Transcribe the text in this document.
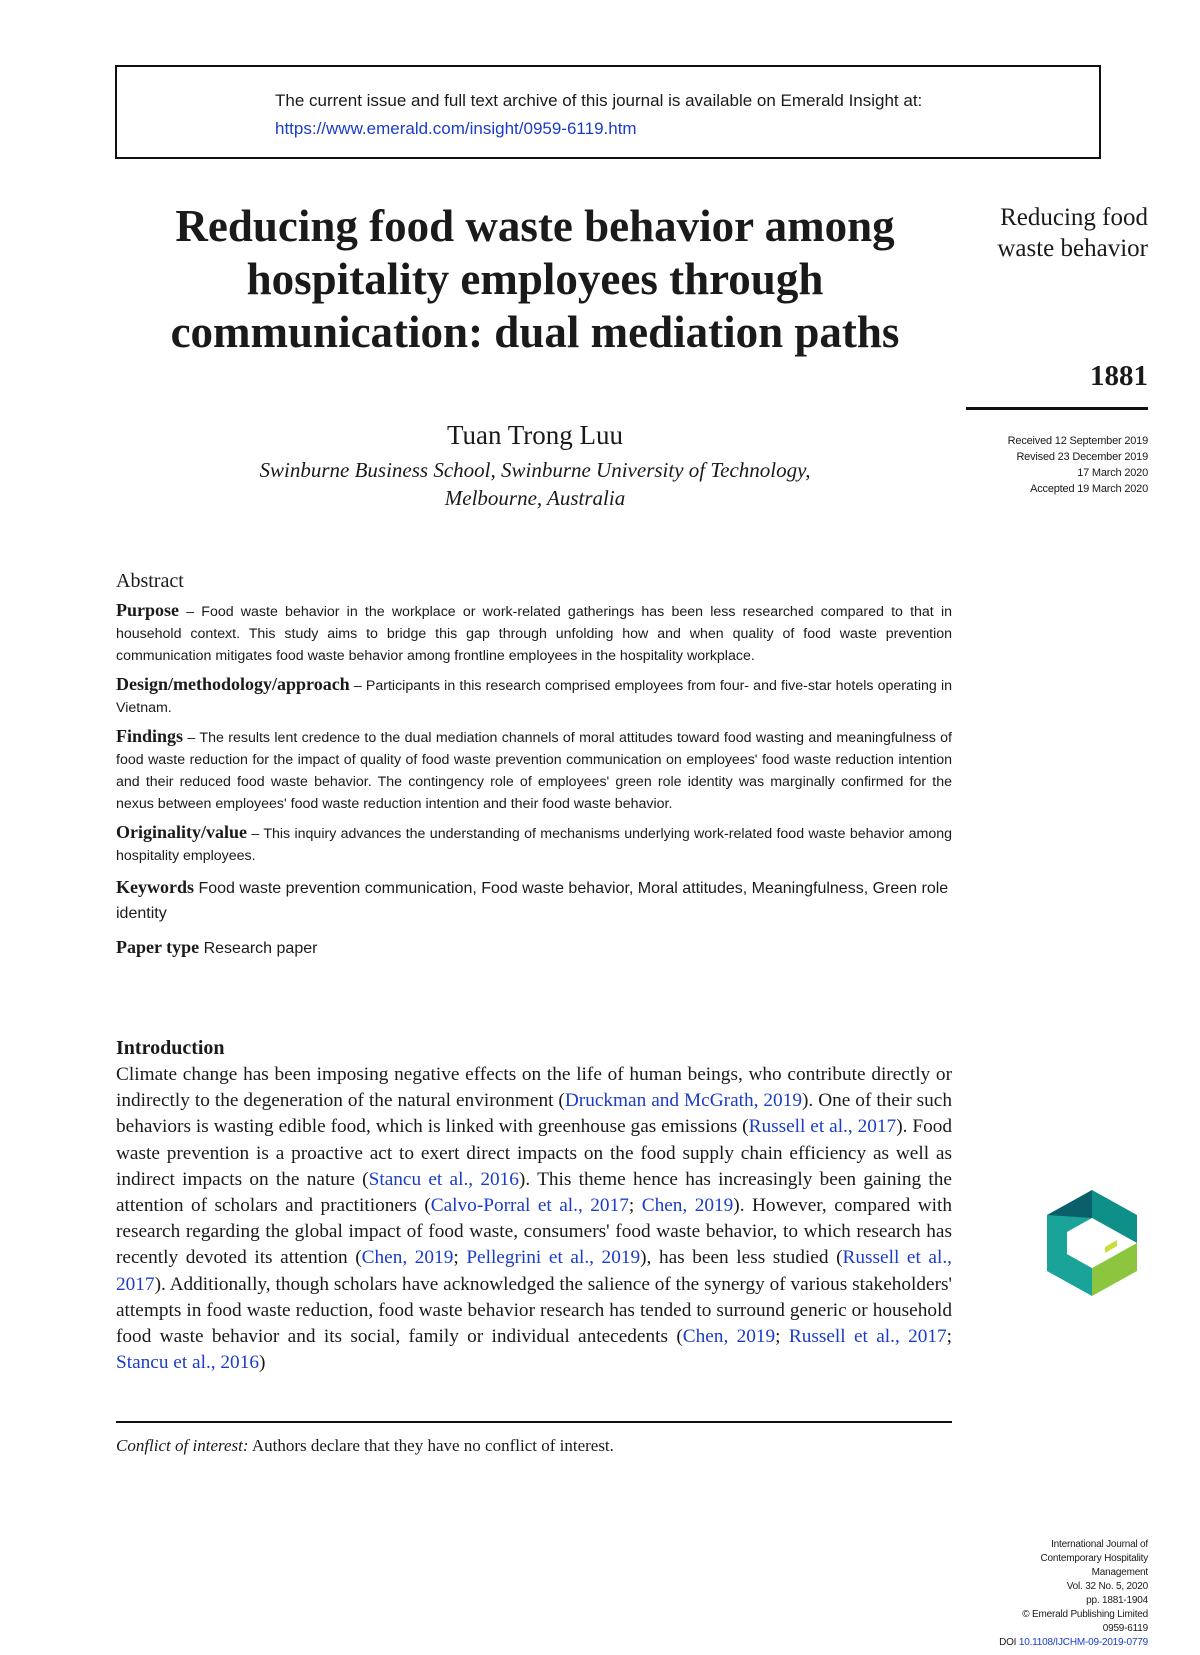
The current issue and full text archive of this journal is available on Emerald Insight at:
https://www.emerald.com/insight/0959-6119.htm
Reducing food waste behavior among hospitality employees through communication: dual mediation paths
Tuan Trong Luu
Swinburne Business School, Swinburne University of Technology,
Melbourne, Australia
Reducing food
waste behavior
1881
Received 12 September 2019
Revised 23 December 2019
17 March 2020
Accepted 19 March 2020
Abstract

Purpose – Food waste behavior in the workplace or work-related gatherings has been less researched compared to that in household context. This study aims to bridge this gap through unfolding how and when quality of food waste prevention communication mitigates food waste behavior among frontline employees in the hospitality workplace.

Design/methodology/approach – Participants in this research comprised employees from four- and five-star hotels operating in Vietnam.

Findings – The results lent credence to the dual mediation channels of moral attitudes toward food wasting and meaningfulness of food waste reduction for the impact of quality of food waste prevention communication on employees' food waste reduction intention and their reduced food waste behavior. The contingency role of employees' green role identity was marginally confirmed for the nexus between employees' food waste reduction intention and their food waste behavior.

Originality/value – This inquiry advances the understanding of mechanisms underlying work-related food waste behavior among hospitality employees.

Keywords Food waste prevention communication, Food waste behavior, Moral attitudes, Meaningfulness, Green role identity

Paper type Research paper

Introduction

Climate change has been imposing negative effects on the life of human beings, who contribute directly or indirectly to the degeneration of the natural environment (Druckman and McGrath, 2019). One of their such behaviors is wasting edible food, which is linked with greenhouse gas emissions (Russell et al., 2017). Food waste prevention is a proactive act to exert direct impacts on the food supply chain efficiency as well as indirect impacts on the nature (Stancu et al., 2016). This theme hence has increasingly been gaining the attention of scholars and practitioners (Calvo-Porral et al., 2017; Chen, 2019). However, compared with research regarding the global impact of food waste, consumers' food waste behavior, to which research has recently devoted its attention (Chen, 2019; Pellegrini et al., 2019), has been less studied (Russell et al., 2017). Additionally, though scholars have acknowledged the salience of the synergy of various stakeholders' attempts in food waste reduction, food waste behavior research has tended to surround generic or household food waste behavior and its social, family or individual antecedents (Chen, 2019; Russell et al., 2017; Stancu et al., 2016)

Conflict of interest: Authors declare that they have no conflict of interest.
International Journal of
Contemporary Hospitality
Management
Vol. 32 No. 5, 2020
pp. 1881-1904
© Emerald Publishing Limited
0959-6119
DOI 10.1108/IJCHM-09-2019-0779
